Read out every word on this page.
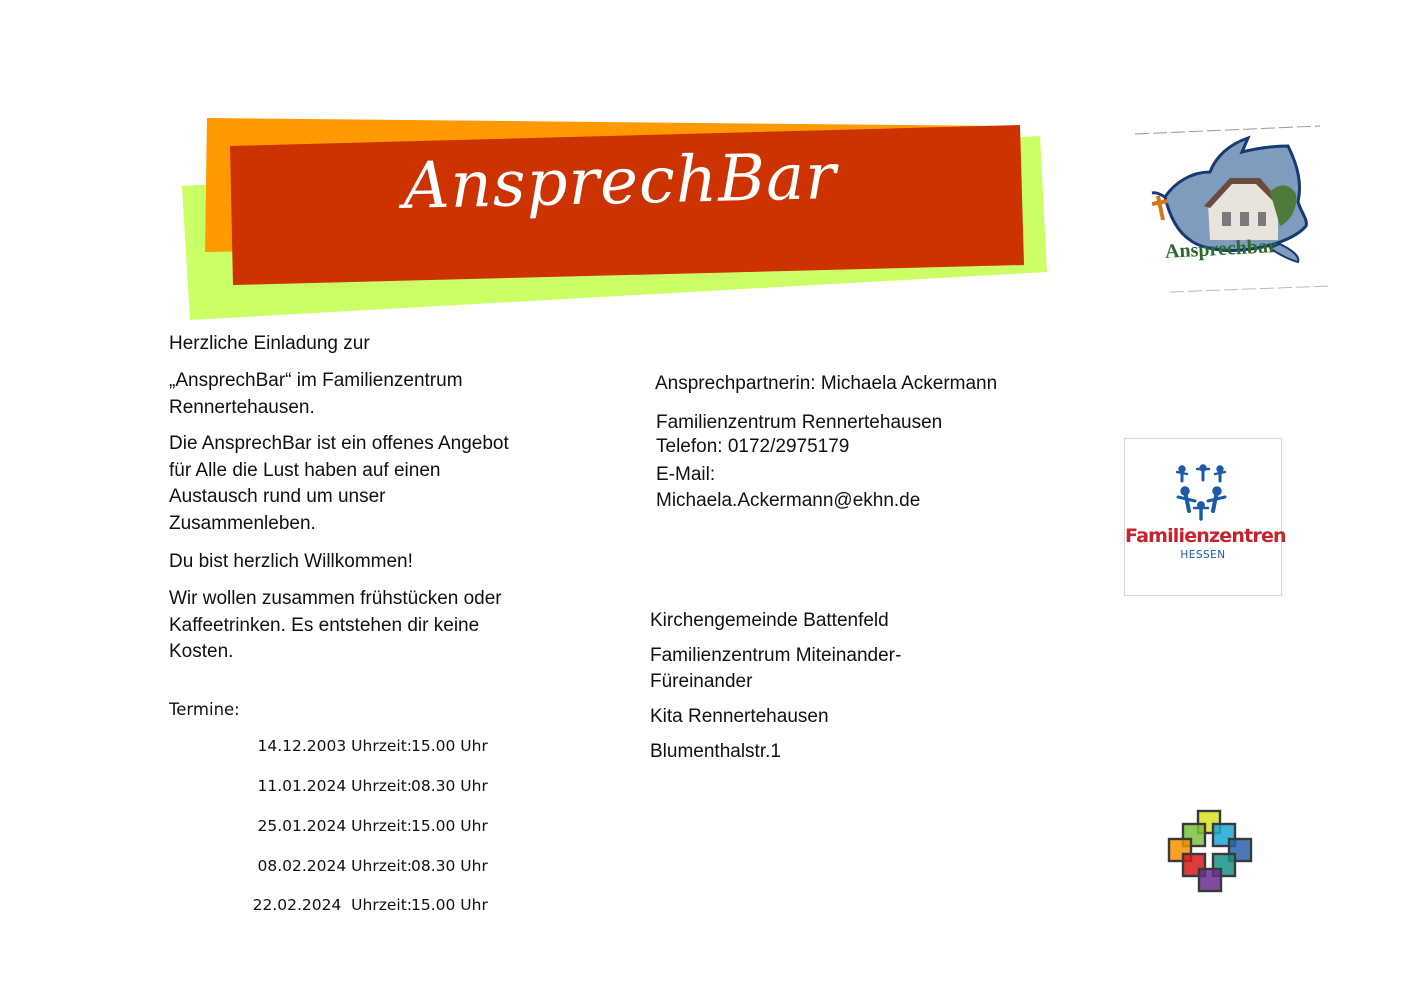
AnsprechBar
Ansprechbar

Herzliche Einladung zur

„AnsprechBar“ im Familienzentrum
Rennertehausen.

Die AnsprechBar ist ein offenes Angebot
für Alle die Lust haben auf einen
Austausch rund um unser
Zusammenleben.

Du bist herzlich Willkommen!

Wir wollen zusammen frühstücken oder
Kaffeetrinken. Es entstehen dir keine
Kosten.

Termine:
14.12.2003 Uhrzeit: 15.00 Uhr
11.01.2024 Uhrzeit: 08.30 Uhr
25.01.2024 Uhrzeit: 15.00 Uhr
08.02.2024 Uhrzeit: 08.30 Uhr
22.02.2024  Uhrzeit: 15.00 Uhr

Ansprechpartnerin: Michaela Ackermann

Familienzentrum Rennertehausen

Telefon: 0172/2975179

E-Mail:

Michaela.Ackermann@ekhn.de

Kirchengemeinde Battenfeld

Familienzentrum Miteinander-
Füreinander

Kita Rennertehausen

Blumenthalstr.1

Familienzentren
HESSEN
